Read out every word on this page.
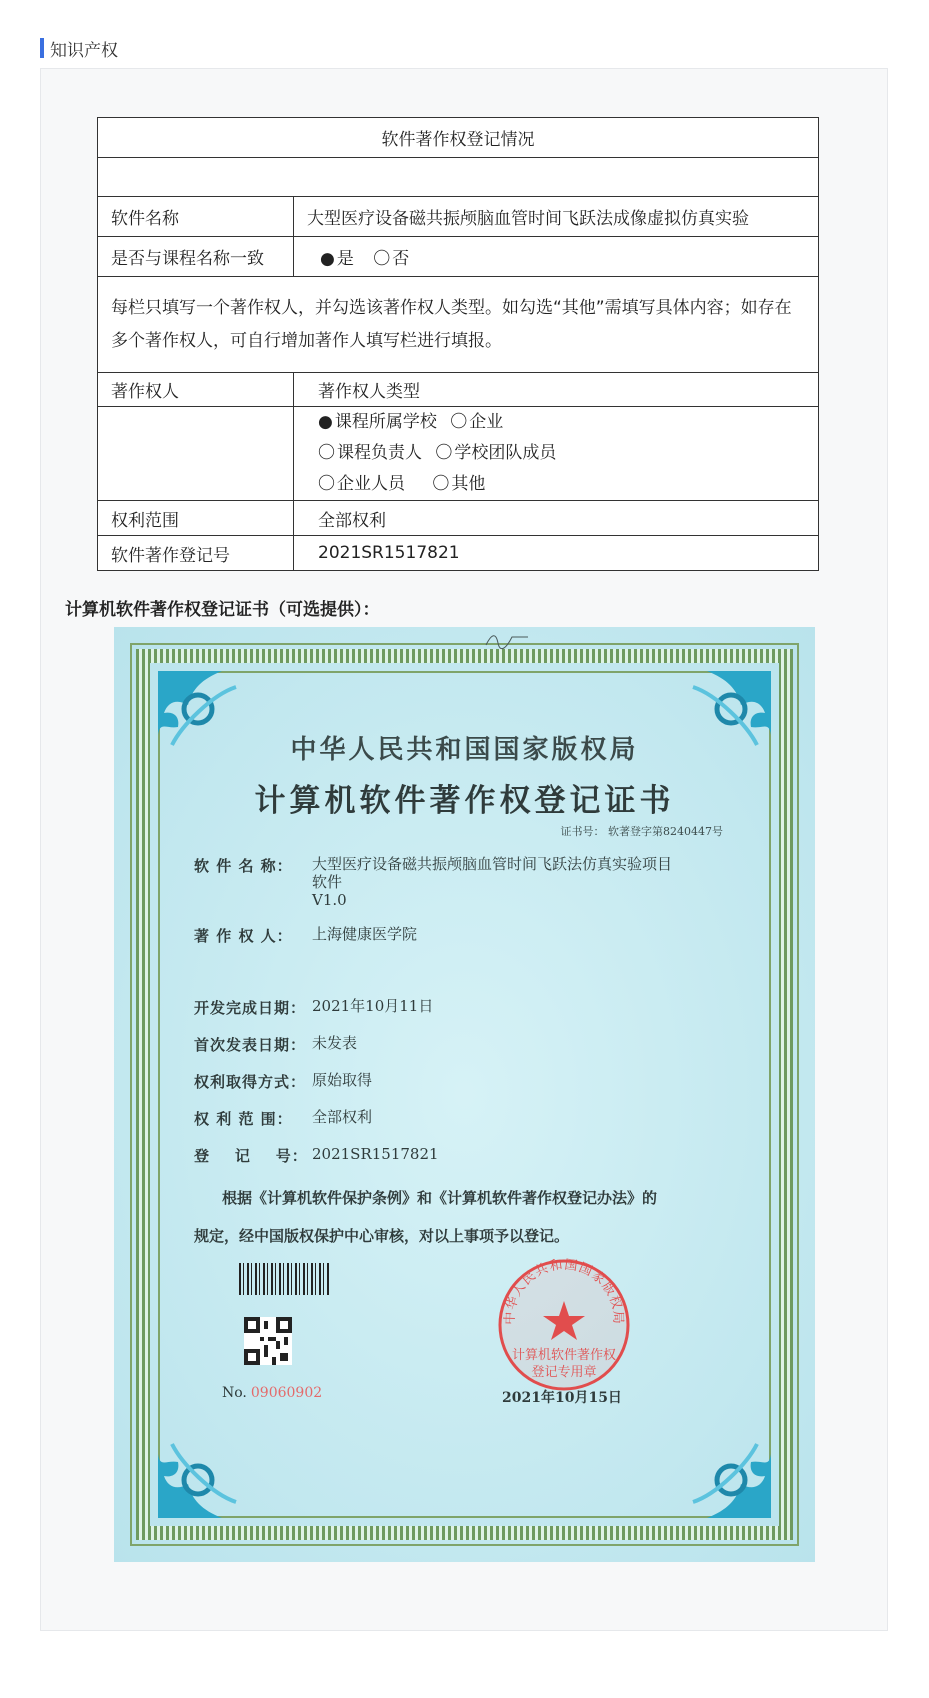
知识产权
软件著作权登记情况	

软件名称	大型医疗设备磁共振颅脑血管时间飞跃法成像虚拟仿真实验
是否与课程名称一致	● 是 〇 否
每栏只填写一个著作权人，并勾选该著作权人类型。如勾选“其他”需填写具体内容；如存在多个著作权人，可自行增加著作人填写栏进行填报。	
著作权人	著作权人类型

	● 课程所属学校 〇 企业
〇 课程负责人 〇 学校团队成员
〇 企业人员 〇 其他

权利范围	全部权利
软件著作登记号	2021SR1517821
计算机软件著作权登记证书（可选提供）：
中华人民共和国国家版权局
计算机软件著作权登记证书
证书号： 软著登字第8240447号
软 件 名 称：	大型医疗设备磁共振颅脑血管时间飞跃法仿真实验项目软件
V1.0
著 作 权 人：	上海健康医学院
开发完成日期： 2021年10月11日
首次发表日期： 未发表
权利取得方式： 原始取得
权 利 范 围：	全部权利
登    记    号： 2021SR1517821
根据《计算机软件保护条例》和《计算机软件著作权登记办法》的
规定，经中国版权保护中心审核，对以上事项予以登记。
No. 09060902
中华人民共和国国家版权局
计算机软件著作权
登记专用章
2021年10月15日
